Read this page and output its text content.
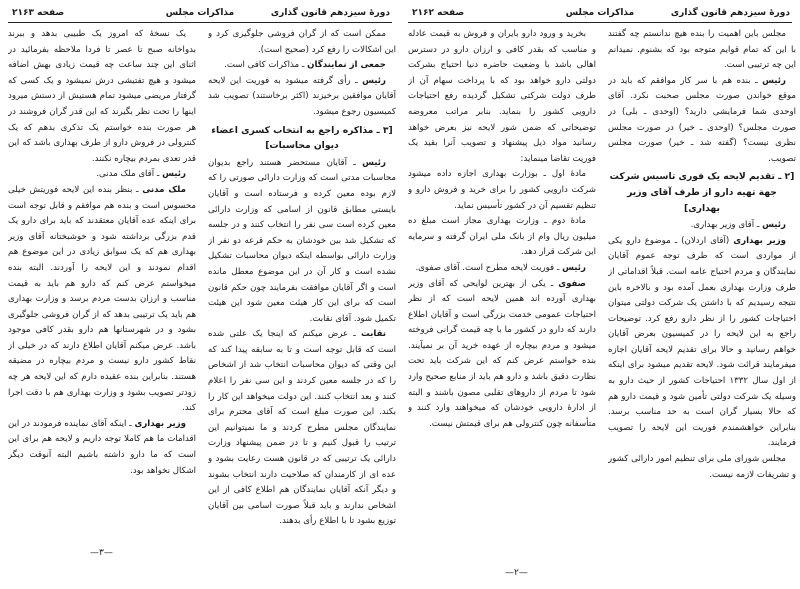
دورهٔ سیزدهم قانون گذاری
مذاکرات مجلس
صفحه ۲۱۶۳

ممکن است که از گران فروشی جلوگیری کرد و این اشکالات را رفع کرد (صحیح است).

جمعی از نمایندگان ـ مذاکرات کافی است.

رئیس ـ رأی گرفته میشود به فوریت این لایحه آقایان موافقین برخیزند (اکثر برخاستند) تصویب شد کمیسیون رجوع میشود.

[۳ ـ مذاکره راجع به انتخاب کسری اعضاء دیوان محاسبات]

رئیس ـ آقایان مستحضر هستند راجع بدیوان محاسبات مدتی است که وزارت دارائی صورتی را که لازم بوده معین کرده و فرستاده است و آقایان بایستی مطابق قانون از اسامی که وزارت دارائی معین کرده است سی نفر را انتخاب کنند و در جلسه که تشکیل شد بین خودشان به حکم قرعه دو نفر از وزارت دارائی بواسطه اینکه دیوان محاسبات تشکیل نشده است و کار آن در این موضوع معطل مانده است و اگر آقایان موافقت بفرمایند چون حکم قانون است که برای این کار هیئت معین شود این هیئت تکمیل شود. آقای نقابت.

نقابت ـ عرض میکنم که اینجا یک علتی شده است که قابل توجه است و تا به سابقه پیدا کند که این وقتی که دیوان محاسبات انتخاب شد از اشخاص را که در جلسه معین کردند و این سی نفر را اعلام کنند و بعد انتخاب کنند. این دولت میخواهد این کار را بکند. این صورت مبلغ است که آقای محترم برای نمایندگان مجلس مطرح کردند و ما نمیتوانیم این ترتیب را قبول کنیم و تا در ضمن پیشنهاد وزارت دارائی یک ترتیبی که در قانون هست رعایت بشود و عده ای از کارمندان که صلاحیت دارند انتخاب بشوند و دیگر آنکه آقایان نمایندگان هم اطلاع کافی از این اشخاص ندارند و باید قبلاً صورت اسامی بین آقایان توزیع بشود تا با اطلاع رأی بدهند.

یک نسخهٔ که امروز یک طبیبی بدهد و ببرند بدواخانه صبح تا عصر تا فردا ملاحظه بفرمائید در اثنای این چند ساعت چه قیمت زیادی بهش اضافه میشود و هیچ تفتیشی درش نمیشود و یک کسی که گرفتار مریضی میشود تمام هستیش از دستش میرود اینها را تحت نظر بگیرند که این قدر گران فروشند در هر صورت بنده خواستم یک تذکری بدهم که یک کنترولی در فروش دارو از طرف بهداری باشد که این قدر تعدی بمردم بیچاره نکنند.

رئیس ـ آقای ملک مدنی.

ملک مدنی ـ بنظر بنده این لایحه فوریتش خیلی محسوس است و بنده هم موافقم و قابل توجه است برای اینکه عده آقایان معتقدند که باید برای دارو یک قدم بزرگی برداشته شود و خوشبختانه آقای وزیر بهداری هم که یک سوابق زیادی در این موضوع هم اقدام نمودند و این لایحه را آوردند. البته بنده میخواستم عرض کنم که دارو هم باید به قیمت مناسب و ارزان بدست مردم برسد و وزارت بهداری هم باید یک ترتیبی بدهد که از گران فروشی جلوگیری بشود و در شهرستانها هم دارو بقدر کافی موجود باشد. عرض میکنم آقایان اطلاع دارند که در خیلی از نقاط کشور دارو نیست و مردم بیچاره در مضیقه هستند. بنابراین بنده عقیده دارم که این لایحه هر چه زودتر تصویب بشود و وزارت بهداری هم با دقت اجرا کند.

وزیر بهداری ـ اینکه آقای نماینده فرمودند در این اقدامات ما هم کاملا توجه داریم و لایحه هم برای این است که ما دارو داشته باشیم البته آنوقت دیگر اشکال نخواهد بود.

—۳—
دورهٔ سیزدهم قانون گذاری
مذاکرات مجلس
صفحه ۲۱۶۲

مجلس باین اهمیت را بنده هیچ ندانستم چه گفتند با این که تمام قوایم متوجه بود که بشنوم. نمیدانم این چه ترتیبی است.

رئیس ـ بنده هم با سر کار موافقم که باید در موقع خواندن صورت مجلس صحبت نکرد. آقای اوحدی شما فرمایشی دارید؟ (اوحدی ـ بلی) در صورت مجلس؟ (اوحدی ـ خیر) در صورت مجلس نظری نیست؟ (گفته شد ـ خیر) صورت مجلس تصویب.

[۲ ـ تقدیم لایحه یک فوری تاسیس شرکت جهة تهیه دارو از طرف آقای وزیر بهداری]

رئیس ـ آقای وزیر بهداری.

وزیر بهداری (آقای اردلان) ـ موضوع دارو یکی از مواردی است که طرف توجه عموم آقایان نمایندگان و مردم احتیاج عامه است. قبلاً اقداماتی از طرف وزارت بهداری بعمل آمده بود و بالاخره باین نتیجه رسیدیم که با داشتن یک شرکت دولتی میتوان احتیاجات کشور را از نظر دارو رفع کرد. توضیحات راجع به این لایحه را در کمیسیون بعرض آقایان خواهم رسانید و حالا برای تقدیم لایحه آقایان اجازه میفرمایند قرائت شود. لایحه تقدیم میشود برای اینکه از اول سال ۱۳۳۲ احتیاجات کشور از حیث دارو به وسیله یک شرکت دولتی تأمین شود و قیمت دارو هم که حالا بسیار گران است به حد مناسب برسد. بنابراین خواهشمندم فوریت این لایحه را تصویب فرمایند.

مجلس شورای ملی برای تنظیم امور دارائی کشور و تشریفات لازمه نیست.

بخرید و ورود دارو بایران و فروش به قیمت عادله و مناسب که بقدر کافی و ارزان دارو در دسترس اهالی باشد با وضعیت حاضره دنیا احتیاج بشرکت دولتی دارو خواهد بود که با پرداخت سهام آن از طرف دولت شرکتی تشکیل گردیده رفع احتیاجات دارویی کشور را بنماید. بنابر مراتب معروضه توضیحاتی که ضمن شور لایحه نیز بعرض خواهد رسانید مواد ذیل پیشنهاد و تصویب آنرا بقید یک فوریت تقاضا مینماید:

مادهٔ اول ـ بوزارت بهداری اجازه داده میشود شرکت دارویی کشور را برای خرید و فروش دارو و تنظیم تقسیم آن در کشور تأسیس نماید.

مادهٔ دوم ـ وزارت بهداری مجاز است مبلغ ده میلیون ریال وام از بانک ملی ایران گرفته و سرمایه این شرکت قرار دهد.

رئیس ـ فوریت لایحه مطرح است. آقای صفوی.

صفوی ـ یکی از بهترین لوایحی که آقای وزیر بهداری آورده اند همین لایحه است که از نظر احتیاجات عمومی خدمت بزرگی است و آقایان اطلاع دارند که دارو در کشور ما با چه قیمت گرانی فروخته میشود و مردم بیچاره از عهده خرید آن بر نمیآیند. بنده خواستم عرض کنم که این شرکت باید تحت نظارت دقیق باشد و دارو هم باید از منابع صحیح وارد شود تا مردم از داروهای تقلبی مصون باشند و البته از ادارهٔ دارویی خودشان که میخواهند وارد کنند و متأسفانه چون کنترولی هم برای قیمتش نیست.

—۲—
